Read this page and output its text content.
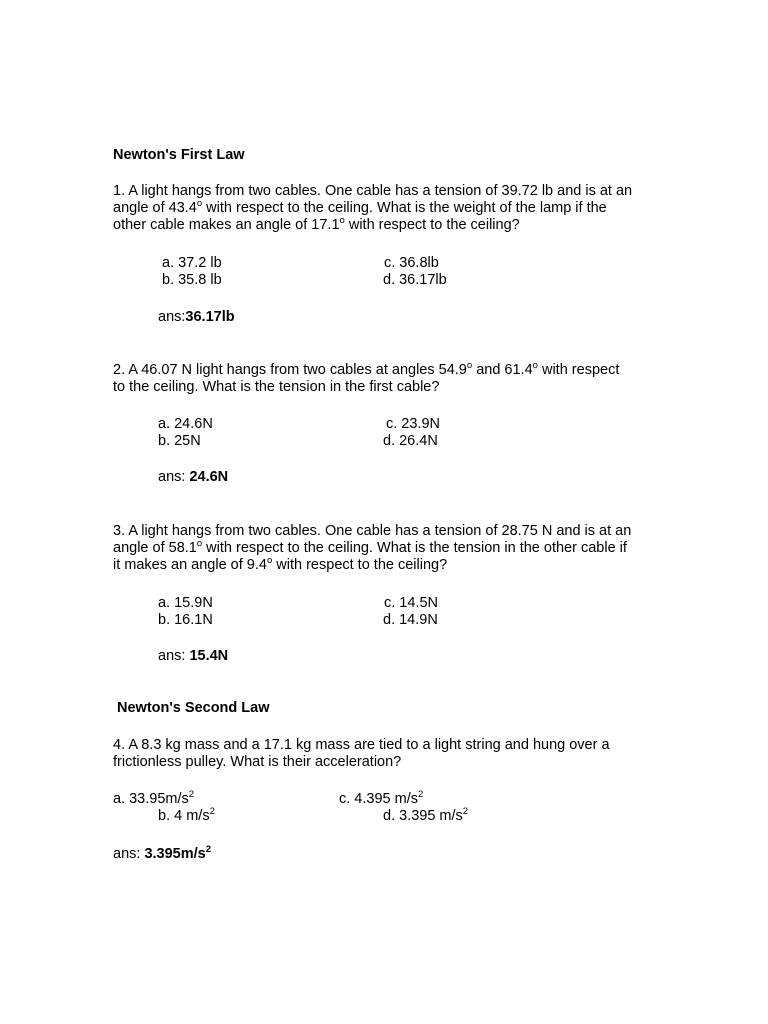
Newton's First Law
1. A light hangs from two cables. One cable has a tension of 39.72 lb and is at an
angle of 43.4$^o$ with respect to the ceiling. What is the weight of the lamp if the
other cable makes an angle of 17.1$^o$ with respect to the ceiling?
a. 37.2 lb
b. 35.8 lb
c. 36.8lb
d. 36.17lb
ans:36.17lb
2. A 46.07 N light hangs from two cables at angles 54.9$^o$ and 61.4$^o$ with respect
to the ceiling. What is the tension in the first cable?
a. 24.6N
b. 25N
c. 23.9N
d. 26.4N
ans: 24.6N
3. A light hangs from two cables. One cable has a tension of 28.75 N and is at an
angle of 58.1$^o$ with respect to the ceiling. What is the tension in the other cable if
it makes an angle of 9.4$^o$ with respect to the ceiling?
a. 15.9N
b. 16.1N
c. 14.5N
d. 14.9N
ans: 15.4N
Newton's Second Law
4. A 8.3 kg mass and a 17.1 kg mass are tied to a light string and hung over a
frictionless pulley. What is their acceleration?
a. $33.95m/s^2$
b. 4 $m/s^2$
c. 4.395 $m/s^2$
d. 3.395 $m/s^2$
ans: $3.395m/s^2$
